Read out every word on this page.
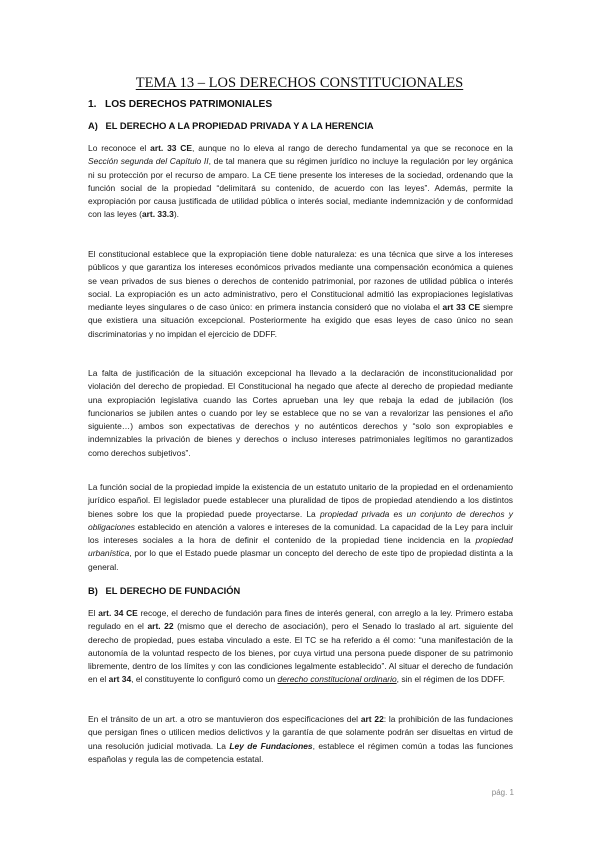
TEMA 13 – LOS DERECHOS CONSTITUCIONALES
1.   LOS DERECHOS PATRIMONIALES
A)   EL DERECHO A LA PROPIEDAD PRIVADA Y A LA HERENCIA

Lo reconoce el art. 33 CE, aunque no lo eleva al rango de derecho fundamental ya que se reconoce en la Sección segunda del Capítulo II, de tal manera que su régimen jurídico no incluye la regulación por ley orgánica ni su protección por el recurso de amparo. La CE tiene presente los intereses de la sociedad, ordenando que la función social de la propiedad “delimitará su contenido, de acuerdo con las leyes”. Además, permite la expropiación por causa justificada de utilidad pública o interés social, mediante indemnización y de conformidad con las leyes (art. 33.3).

El constitucional establece que la expropiación tiene doble naturaleza: es una técnica que sirve a los intereses públicos y que garantiza los intereses económicos privados mediante una compensación económica a quienes se vean privados de sus bienes o derechos de contenido patrimonial, por razones de utilidad pública o interés social. La expropiación es un acto administrativo, pero el Constitucional admitió las expropiaciones legislativas mediante leyes singulares o de caso único: en primera instancia consideró que no violaba el art 33 CE siempre que existiera una situación excepcional. Posteriormente ha exigido que esas leyes de caso único no sean discriminatorias y no impidan el ejercicio de DDFF.

La falta de justificación de la situación excepcional ha llevado a la declaración de inconstitucionalidad por violación del derecho de propiedad. El Constitucional ha negado que afecte al derecho de propiedad mediante una expropiación legislativa cuando las Cortes aprueban una ley que rebaja la edad de jubilación (los funcionarios se jubilen antes o cuando por ley se establece que no se van a revalorizar las pensiones el año siguiente…) ambos son expectativas de derechos y no auténticos derechos y “solo son expropiables e indemnizables la privación de bienes y derechos o incluso intereses patrimoniales legítimos no garantizados como derechos subjetivos”.

La función social de la propiedad impide la existencia de un estatuto unitario de la propiedad en el ordenamiento jurídico español. El legislador puede establecer una pluralidad de tipos de propiedad atendiendo a los distintos bienes sobre los que la propiedad puede proyectarse. La propiedad privada es un conjunto de derechos y obligaciones establecido en atención a valores e intereses de la comunidad. La capacidad de la Ley para incluir los intereses sociales a la hora de definir el contenido de la propiedad tiene incidencia en la propiedad urbanística, por lo que el Estado puede plasmar un concepto del derecho de este tipo de propiedad distinta a la general.

B)   EL DERECHO DE FUNDACIÓN

El art. 34 CE recoge, el derecho de fundación para fines de interés general, con arreglo a la ley. Primero estaba regulado en el art. 22 (mismo que el derecho de asociación), pero el Senado lo traslado al art. siguiente del derecho de propiedad, pues estaba vinculado a este. El TC se ha referido a él como: “una manifestación de la autonomía de la voluntad respecto de los bienes, por cuya virtud una persona puede disponer de su patrimonio libremente, dentro de los límites y con las condiciones legalmente establecido”. Al situar el derecho de fundación en el art 34, el constituyente lo configuró como un derecho constitucional ordinario, sin el régimen de los DDFF.

En el tránsito de un art. a otro se mantuvieron dos especificaciones del art 22: la prohibición de las fundaciones que persigan fines o utilicen medios delictivos y la garantía de que solamente podrán ser disueltas en virtud de una resolución judicial motivada. La Ley de Fundaciones, establece el régimen común a todas las funciones españolas y regula las de competencia estatal.

pág. 1
